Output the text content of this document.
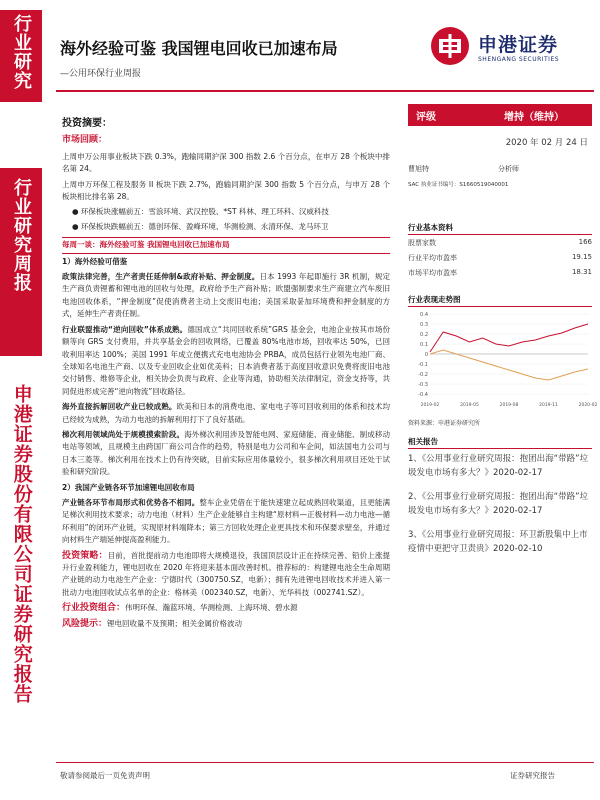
行业研究
行业研究周报
申港证券股份有限公司证券研究报告
海外经验可鉴 我国锂电回收已加速布局
—公用环保行业周报
申港证券
SHENGANG SECURITIES
投资摘要：
市场回顾：
上周申万公用事业板块下跌 0.3%，跑输同期沪深 300 指数 2.6 个百分点，在申万 28 个板块中排名第 24。
上周申万环保工程及服务 II 板块下跌 2.7%，跑输同期沪深 300 指数 5 个百分点，与申万 28 个板块相比排名第 28。
● 环保板块涨幅前五：雪浪环境、武汉控股、*ST 科林、理工环科、汉威科技
● 环保板块跌幅前五：德创环保、盈峰环境、华测检测、永清环保、龙马环卫
每周一谈：海外经验可鉴 我国锂电回收已加速布局
1）海外经验可借鉴
政策法律完善，生产者责任延伸制&政府补贴、押金制度。日本 1993 年起即施行 3R 机制，规定生产商负责锂蓄和锂电池的回收与处理，政府给予生产商补贴；欧盟强制要求生产商建立汽车废旧电池回收体系，“押金制度”促使消费者主动上交废旧电池；美国采取붙加环境费和押金制度的方式，延伸生产者责任制。
行业联盟推动“逆向回收”体系成熟。德国成立“共同回收系统”GRS 基金会，电池企业按其市场份额等向 GRS 支付费用，并共享基金会的回收网络，已覆盖 80%电池市场，回收率达 50%，已回收利用率达 100%；美国 1991 年成立便携式充电电池协会 PRBA，成员包括行业领先电池厂商、全球知名电池生产商、以及专业回收企业如优美科；日本消费者基于高度回收意识免费将废旧电池交付销售、维修等企业，相关协会负责与政府、企业等沟通，协助相关法律制定，资金支持等，共同促进形成完善“逆向物流”回收路径。
海外直接拆解回收产业已较成熟。欧美和日本的消费电池、家电电子等可回收利用的体系和技术均已经较为成熟，为动力电池的拆解利用打下了良好基础。
梯次利用领域尚处于规模摸索阶段。海外梯次利用涉及智能电网、家庭储能、商业储能、制成移动电站等领域，且规模主由跨国厂商公司合作的趋势，特别是电力公司和车企间，如法国电力公司与日本三菱等。梯次利用在技术上仍有待突破，目前实际应用体量较小，很多梯次利用项目还处于试验和研究阶段。
2）我国产业链各环节加速锂电回收布局
产业链各环节布局形式和优势各不相同。整车企业凭借在于能快速建立起成熟回收渠道，且更能满足梯次利用技术要求；动力电池（材料）生产企业能够自主构建“原材料—正极材料—动力电池—循环利用”的闭环产业链，实现原材料端降本；第三方回收处理企业更具技术和环保要求壁垒，并通过向材料生产端延伸提高盈利能力。
投资策略：目前，首批提前动力电池即将大规模退役，我国顶层设计正在持续完善、铅价上涨提升行业盈利能力，锂电回收在 2020 年将迎来基本面改善时机。推荐标的：构建锂电池全生命周期产业链的动力电池生产企业：宁德时代（300750.SZ，电新）；拥有先进锂电回收技术并进入第一批动力电池回收试点名单的企业：格林美（002340.SZ，电新）、光华科技（002741.SZ）。
行业投资组合：伟明环保、瀚蓝环境、华测检测、上海环境、碧水源
风险提示：锂电回收量不及预期；相关金属价格波动
评级	增持（维持）
2020 年 02 月 24 日
曹旭特	分析师
SAC 执业证书编号：S1660519040001
行业基本资料
股票家数	166
行业平均市盈率	19.15
市场平均市盈率	18.31
行业表现走势图
0.4
0.3
0.2
0.1
0
-0.1
-0.2
-0.3
-0.4
2019-02	2019-05	2019-08	2019-11	2020-02
资料来源：申港证券研究所
相关报告
1、《公用事业行业研究周报：抱团出海“带路”垃圾发电市场有多大？》2020-02-17
2、《公用事业行业研究周报：抱团出海“带路”垃圾发电市场有多大？》2020-02-17
3、《公用事业行业研究周报：环卫新股集中上市 疫情中更把守卫责贵》2020-02-10
敬请参阅最后一页免责声明	证券研究报告
